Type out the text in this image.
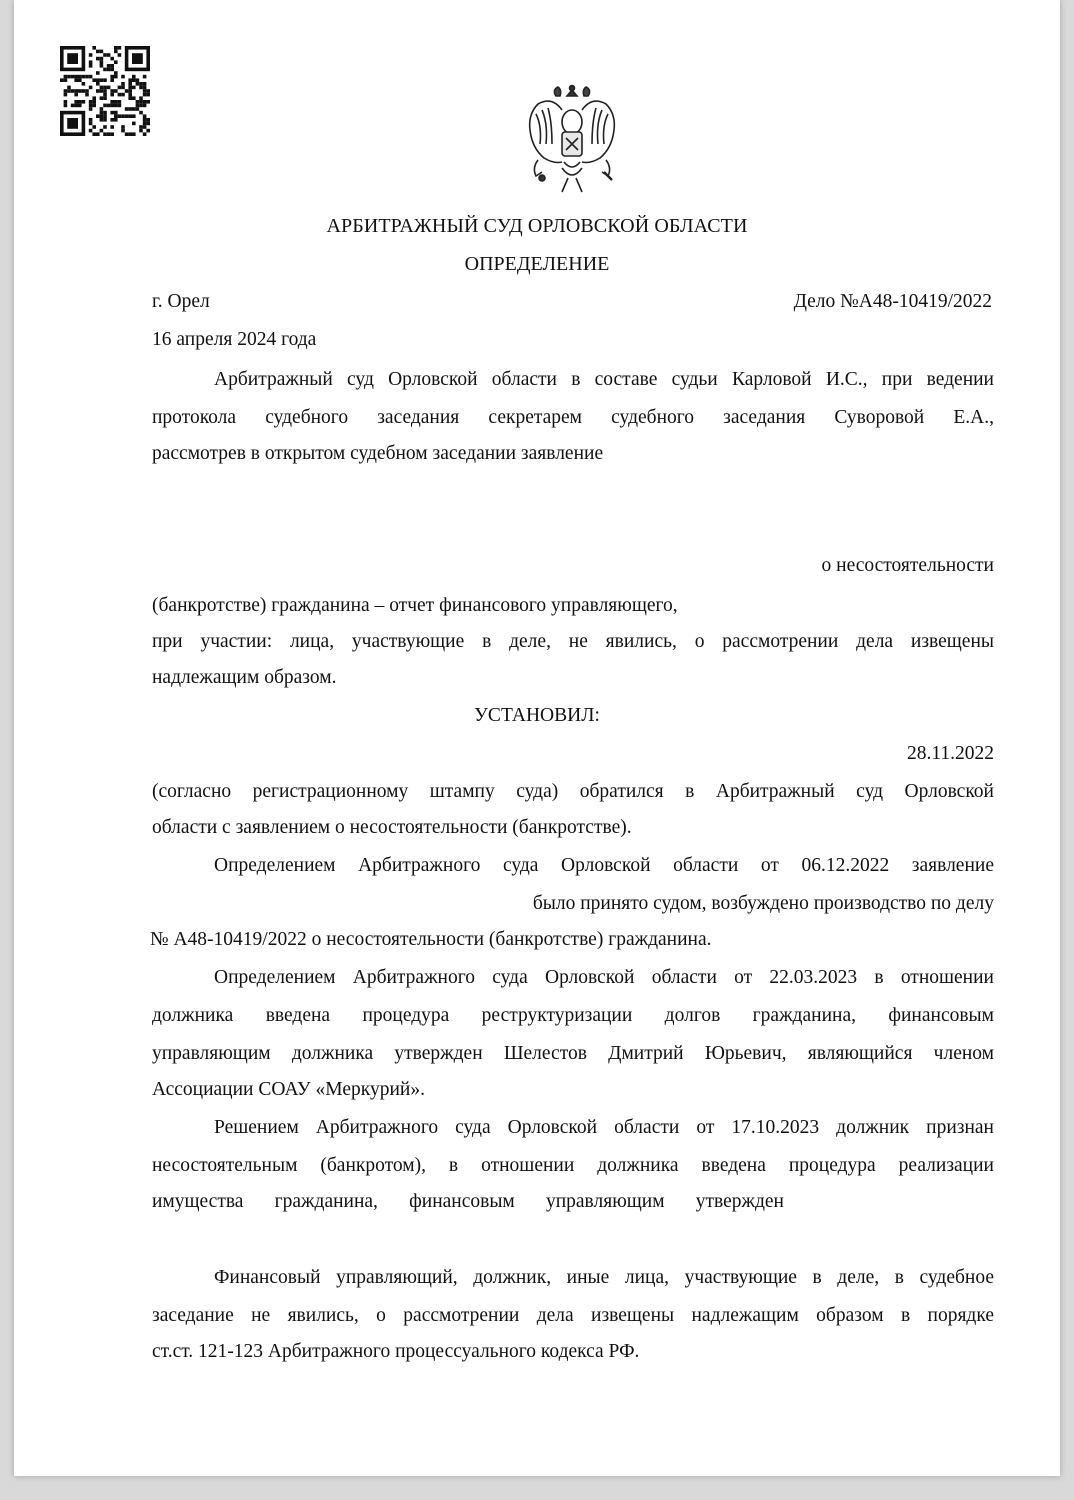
АРБИТРАЖНЫЙ СУД ОРЛОВСКОЙ ОБЛАСТИ
ОПРЕДЕЛЕНИЕ
г. Орел	Дело №А48-10419/2022
16 апреля 2024 года
Арбитражный суд Орловской области в составе судьи Карловой И.С., при ведении
протокола судебного заседания секретарем судебного заседания Суворовой Е.А.,
рассмотрев в открытом судебном заседании заявление
о несостоятельности
(банкротстве) гражданина – отчет финансового управляющего,
при участии: лица, участвующие в деле, не явились, о рассмотрении дела извещены
надлежащим образом.
УСТАНОВИЛ:
28.11.2022
(согласно регистрационному штампу суда) обратился в Арбитражный суд Орловской
области с заявлением о несостоятельности (банкротстве).
Определением Арбитражного суда Орловской области от 06.12.2022 заявление
было принято судом, возбуждено производство по делу
№ А48-10419/2022 о несостоятельности (банкротстве) гражданина.
Определением Арбитражного суда Орловской области от 22.03.2023 в отношении
должника введена процедура реструктуризации долгов гражданина, финансовым
управляющим должника утвержден Шелестов Дмитрий Юрьевич, являющийся членом
Ассоциации СОАУ «Меркурий».
Решением Арбитражного суда Орловской области от 17.10.2023 должник признан
несостоятельным (банкротом), в отношении должника введена процедура реализации
имущества гражданина, финансовым управляющим утвержден
Финансовый управляющий, должник, иные лица, участвующие в деле, в судебное
заседание не явились, о рассмотрении дела извещены надлежащим образом в порядке
ст.ст. 121-123 Арбитражного процессуального кодекса РФ.
